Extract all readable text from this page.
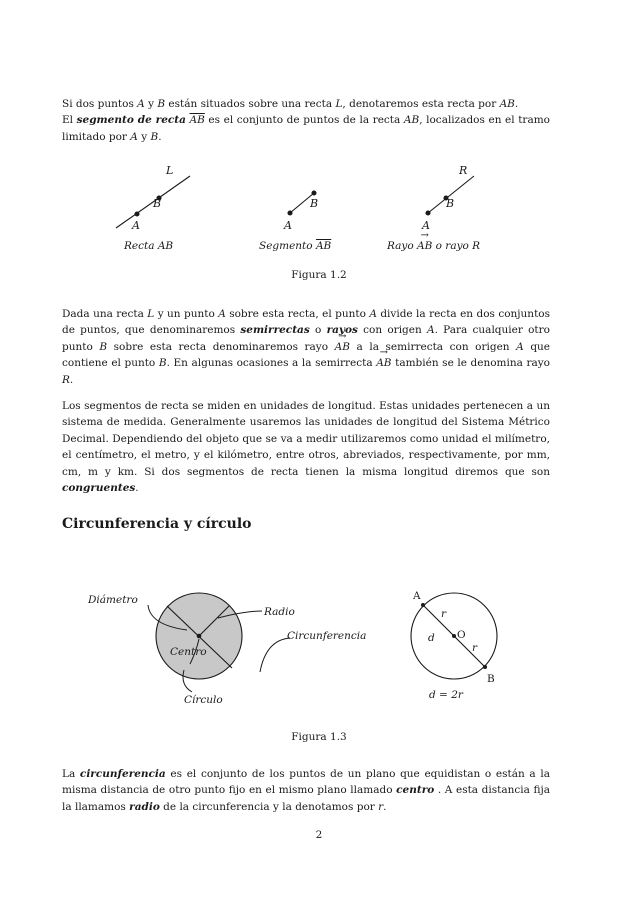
Si dos puntos A y B están situados sobre una recta L, denotaremos esta recta por AB.
El segmento de recta $\overline{AB}$ es el conjunto de puntos de la recta AB, localizados en el tramo limitado por A y B.

L
B
A
B
A
R
B
A
Recta AB	Segmento $\overline{AB}$	Rayo → AB o rayo R
Figura 1.2

Dada una recta L y un punto A sobre esta recta, el punto A divide la recta en dos conjuntos de puntos, que denominaremos semirrectas o rayos con origen A. Para cualquier otro punto B sobre esta recta denominaremos rayo → AB a la semirrecta con origen A que contiene el punto B. En algunas ocasiones a la semirrecta → AB también se le denomina rayo R.

Los segmentos de recta se miden en unidades de longitud. Estas unidades pertenecen a un sistema de medida. Generalmente usaremos las unidades de longitud del Sistema Métrico Decimal. Dependiendo del objeto que se va a medir utilizaremos como unidad el milímetro, el centímetro, el metro, y el kilómetro, entre otros, abreviados, respectivamente, por mm, cm, m y km. Si dos segmentos de recta tienen la misma longitud diremos que son congruentes.

Circunferencia y círculo
Diámetro
Radio
Circunferencia
Centro
Círculo
A
O
B
r
r
d
d = 2r
Figura 1.3

La circunferencia es el conjunto de los puntos de un plano que equidistan o están a la misma distancia de otro punto fijo en el mismo plano llamado centro . A esta distancia fija la llamamos radio de la circunferencia y la denotamos por r.

2
